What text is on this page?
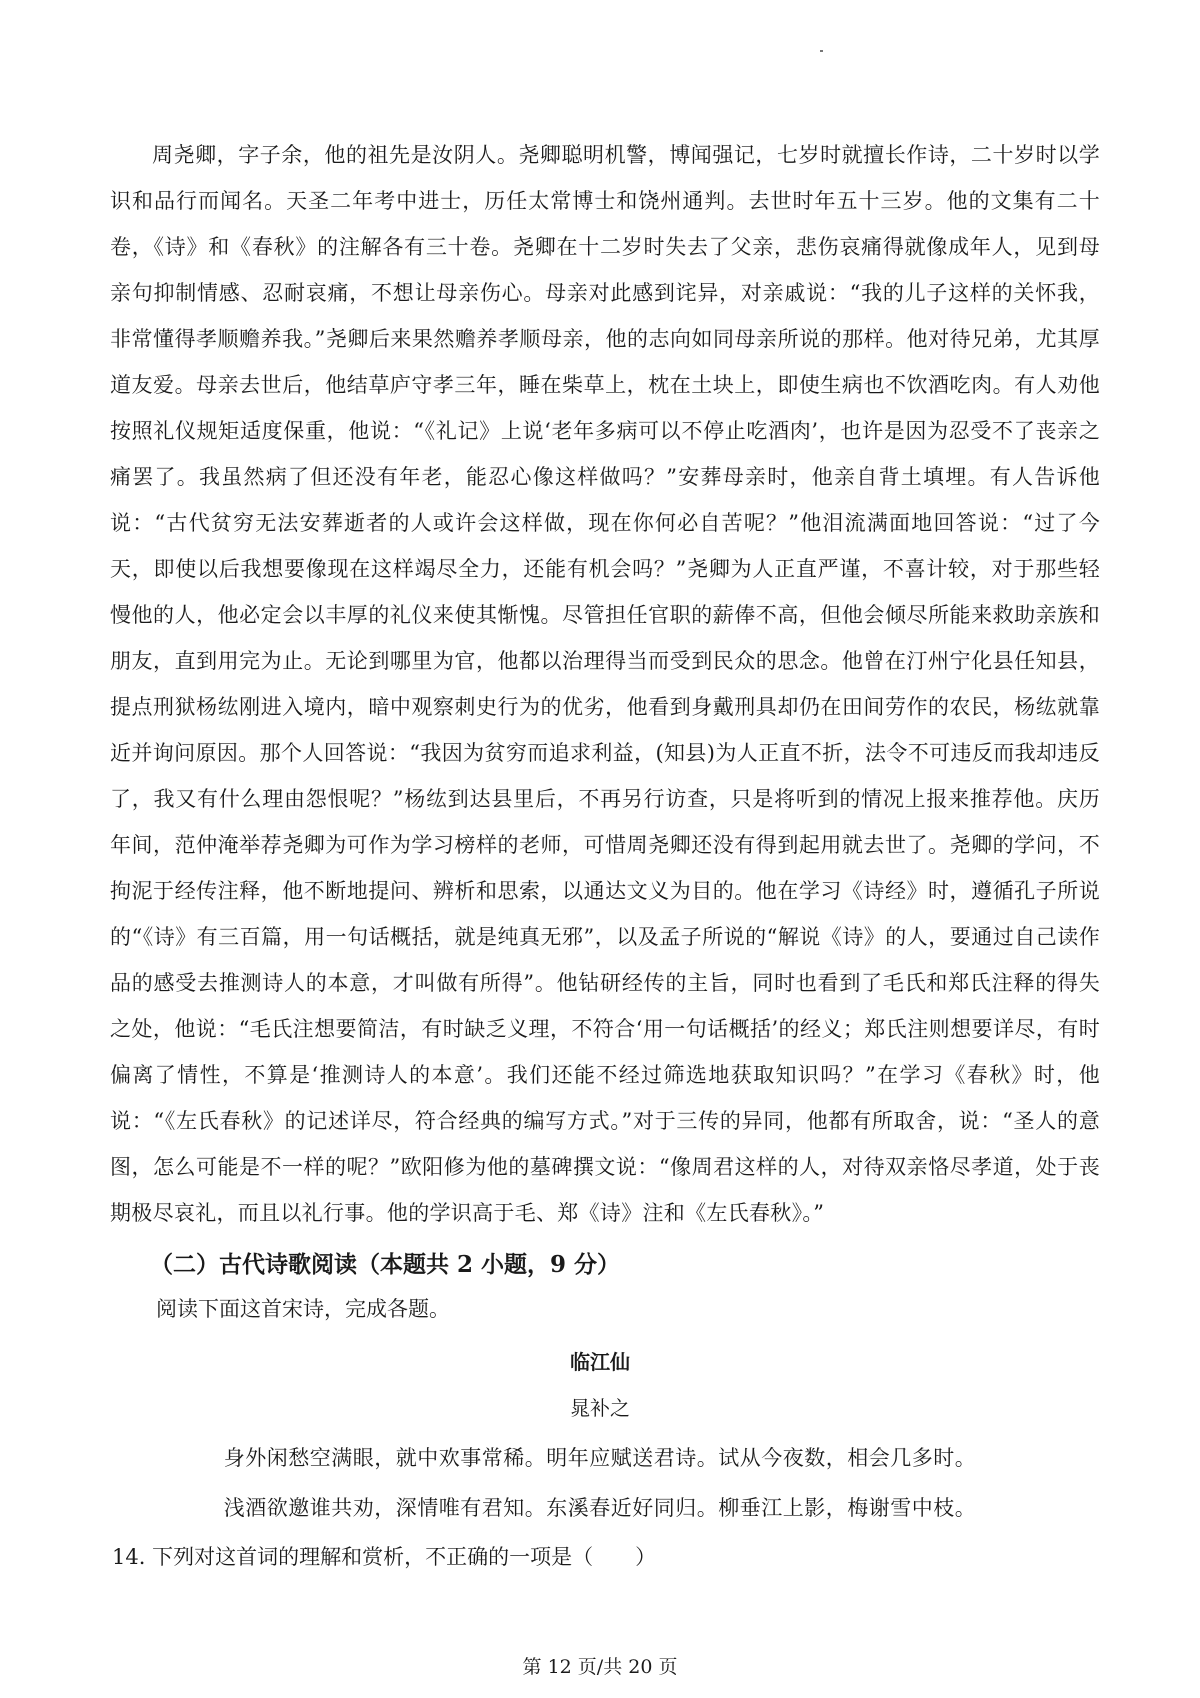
周尧卿，字子余，他的祖先是汝阴人。尧卿聪明机警，博闻强记，七岁时就擅长作诗，二十岁时以学识和品行而闻名。天圣二年考中进士，历任太常博士和饶州通判。去世时年五十三岁。他的文集有二十卷，《诗》和《春秋》的注解各有三十卷。尧卿在十二岁时失去了父亲，悲伤哀痛得就像成年人，见到母亲句抑制情感、忍耐哀痛，不想让母亲伤心。母亲对此感到诧异，对亲戚说：“我的儿子这样的关怀我，非常懂得孝顺赡养我。”尧卿后来果然赡养孝顺母亲，他的志向如同母亲所说的那样。他对待兄弟，尤其厚道友爱。母亲去世后，他结草庐守孝三年，睡在柴草上，枕在土块上，即使生病也不饮酒吃肉。有人劝他按照礼仪规矩适度保重，他说：“《礼记》上说‘老年多病可以不停止吃酒肉’，也许是因为忍受不了丧亲之痛罢了。我虽然病了但还没有年老，能忍心像这样做吗？”安葬母亲时，他亲自背土填埋。有人告诉他说：“古代贫穷无法安葬逝者的人或许会这样做，现在你何必自苦呢？”他泪流满面地回答说：“过了今天，即使以后我想要像现在这样竭尽全力，还能有机会吗？”尧卿为人正直严谨，不喜计较，对于那些轻慢他的人，他必定会以丰厚的礼仪来使其惭愧。尽管担任官职的薪俸不高，但他会倾尽所能来救助亲族和朋友，直到用完为止。无论到哪里为官，他都以治理得当而受到民众的思念。他曾在汀州宁化县任知县，提点刑狱杨纮刚进入境内，暗中观察刺史行为的优劣，他看到身戴刑具却仍在田间劳作的农民，杨纮就靠近并询问原因。那个人回答说：“我因为贫穷而追求利益，(知县)为人正直不折，法令不可违反而我却违反了，我又有什么理由怨恨呢？”杨纮到达县里后，不再另行访查，只是将听到的情况上报来推荐他。庆历年间，范仲淹举荐尧卿为可作为学习榜样的老师，可惜周尧卿还没有得到起用就去世了。尧卿的学问，不拘泥于经传注释，他不断地提问、辨析和思索，以通达文义为目的。他在学习《诗经》时，遵循孔子所说的“《诗》有三百篇，用一句话概括，就是纯真无邪”，以及孟子所说的“解说《诗》的人，要通过自己读作品的感受去推测诗人的本意，才叫做有所得”。他钻研经传的主旨，同时也看到了毛氏和郑氏注释的得失之处，他说：“毛氏注想要简洁，有时缺乏义理，不符合‘用一句话概括’的经义；郑氏注则想要详尽，有时偏离了情性，不算是‘推测诗人的本意’。我们还能不经过筛选地获取知识吗？”在学习《春秋》时，他说：“《左氏春秋》的记述详尽，符合经典的编写方式。”对于三传的异同，他都有所取舍，说：“圣人的意图，怎么可能是不一样的呢？”欧阳修为他的墓碑撰文说：“像周君这样的人，对待双亲恪尽孝道，处于丧期极尽哀礼，而且以礼行事。他的学识高于毛、郑《诗》注和《左氏春秋》。”

（二）古代诗歌阅读（本题共 2 小题，9 分）
阅读下面这首宋诗，完成各题。
临江仙
晁补之
身外闲愁空满眼，就中欢事常稀。明年应赋送君诗。试从今夜数，相会几多时。
浅酒欲邀谁共劝，深情唯有君知。东溪春近好同归。柳垂江上影，梅谢雪中枝。
14. 下列对这首词的理解和赏析，不正确的一项是（　　）
第 12 页/共 20 页
